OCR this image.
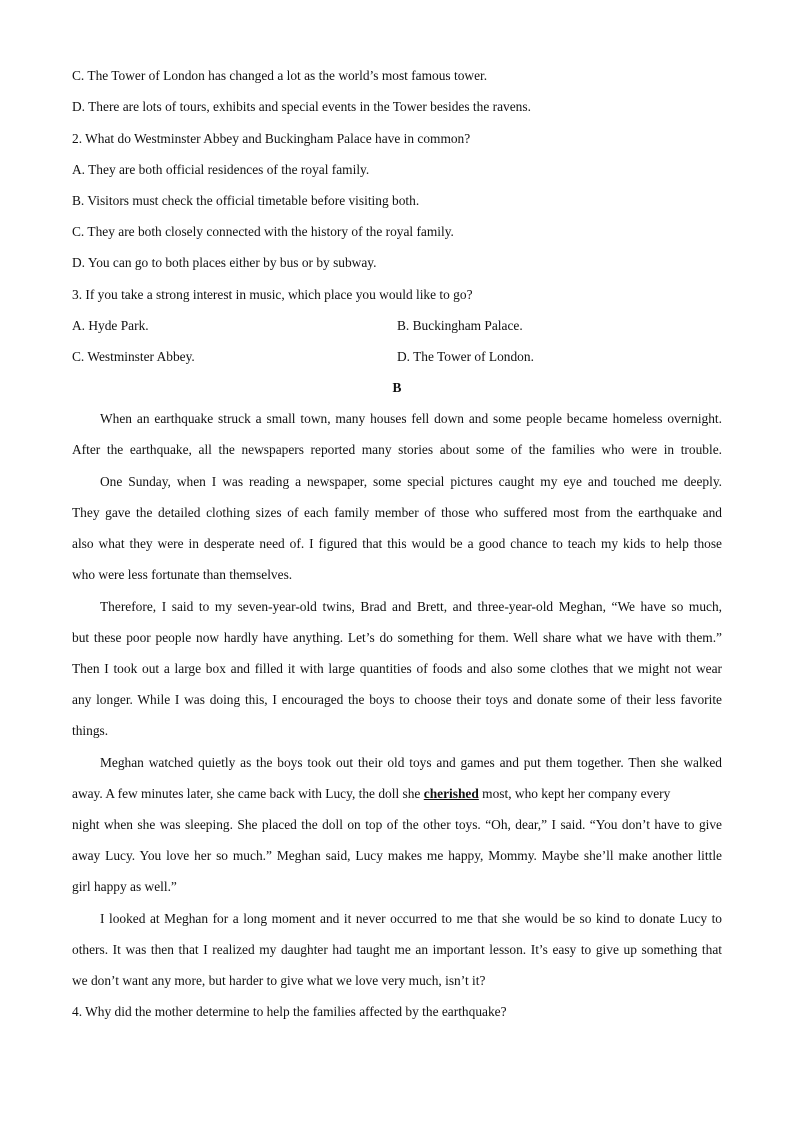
C. The Tower of London has changed a lot as the world’s most famous tower.
D. There are lots of tours, exhibits and special events in the Tower besides the ravens.
2. What do Westminster Abbey and Buckingham Palace have in common?
A. They are both official residences of the royal family.
B. Visitors must check the official timetable before visiting both.
C. They are both closely connected with the history of the royal family.
D. You can go to both places either by bus or by subway.
3. If you take a strong interest in music, which place you would like to go?
A. Hyde Park.	B. Buckingham Palace.
C. Westminster Abbey.	D. The Tower of London.
B
When an earthquake struck a small town, many houses fell down and some people became homeless overnight.
After the earthquake, all the newspapers reported many stories about some of the families who were in trouble.
One Sunday, when I was reading a newspaper, some special pictures caught my eye and touched me deeply.
They gave the detailed clothing sizes of each family member of those who suffered most from the earthquake and
also what they were in desperate need of. I figured that this would be a good chance to teach my kids to help those
who were less fortunate than themselves.
Therefore, I said to my seven-year-old twins, Brad and Brett, and three-year-old Meghan, “We have so much,
but these poor people now hardly have anything. Let’s do something for them. Well share what we have with them.”
Then I took out a large box and filled it with large quantities of foods and also some clothes that we might not wear
any longer. While I was doing this, I encouraged the boys to choose their toys and donate some of their less favorite
things.
Meghan watched quietly as the boys took out their old toys and games and put them together. Then she walked
away. A few minutes later, she came back with Lucy, the doll she cherished most, who kept her company every
night when she was sleeping. She placed the doll on top of the other toys. “Oh, dear,” I said. “You don’t have to give
away Lucy. You love her so much.” Meghan said, Lucy makes me happy, Mommy. Maybe she’ll make another little
girl happy as well.”
I looked at Meghan for a long moment and it never occurred to me that she would be so kind to donate Lucy to
others. It was then that I realized my daughter had taught me an important lesson. It’s easy to give up something that
we don’t want any more, but harder to give what we love very much, isn’t it?
4. Why did the mother determine to help the families affected by the earthquake?
